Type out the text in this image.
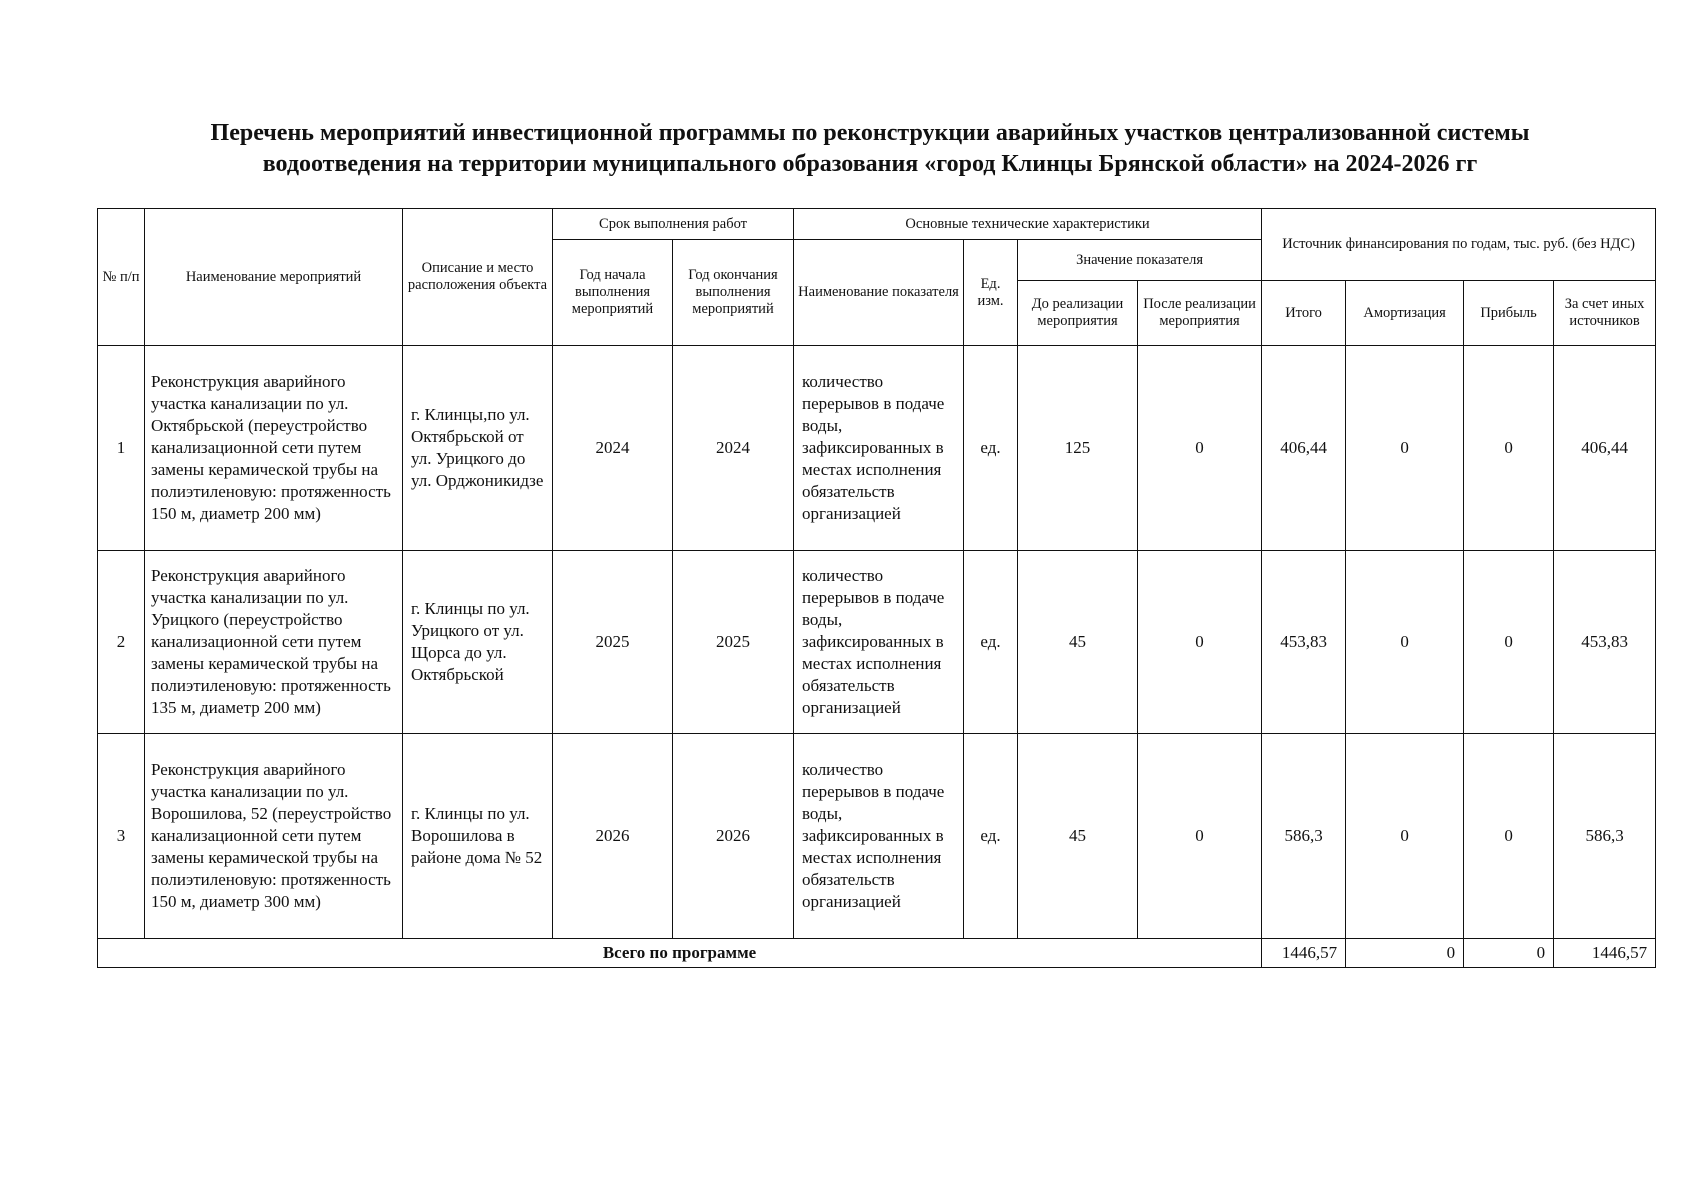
Перечень мероприятий инвестиционной программы по реконструкции аварийных участков централизованной системы
водоотведения на территории муниципального образования «город Клинцы Брянской области» на 2024-2026 гг
№ п/п	Наименование мероприятий	Описание и место расположения объекта	Срок выполнения работ		Основные технические характеристики				Источник финансирования по годам, тыс. руб. (без НДС)			
			Год начала выполнения мероприятий	Год окончания выполнения мероприятий	Наименование показателя	Ед. изм.	Значение показателя					
							До реализации мероприятия	После реализации мероприятия	Итого	Амортизация	Прибыль	За счет иных источников
1	Реконструкция аварийного участка канализации по ул. Октябрьской (переустройство канализационной сети путем замены керамической трубы на полиэтиленовую: протяженность 150 м, диаметр 200 мм)	г. Клинцы,по ул. Октябрьской от ул. Урицкого до ул. Орджоникидзе	2024	2024	количество перерывов в подаче воды, зафиксированных в местах исполнения обязательств организацией	ед.	125	0	406,44	0	0	406,44
2	Реконструкция аварийного участка канализации по ул. Урицкого (переустройство канализационной сети путем замены керамической трубы на полиэтиленовую: протяженность 135 м, диаметр 200 мм)	г. Клинцы по ул. Урицкого от ул. Щорса до ул. Октябрьской	2025	2025	количество перерывов в подаче воды, зафиксированных в местах исполнения обязательств организацией	ед.	45	0	453,83	0	0	453,83
3	Реконструкция аварийного участка канализации по ул. Ворошилова, 52 (переустройство канализационной сети путем замены керамической трубы на полиэтиленовую: протяженность 150 м, диаметр 300 мм)	г. Клинцы по ул. Ворошилова в районе дома № 52	2026	2026	количество перерывов в подаче воды, зафиксированных в местах исполнения обязательств организацией	ед.	45	0	586,3	0	0	586,3
Всего по программе									1446,57	0	0	1446,57
